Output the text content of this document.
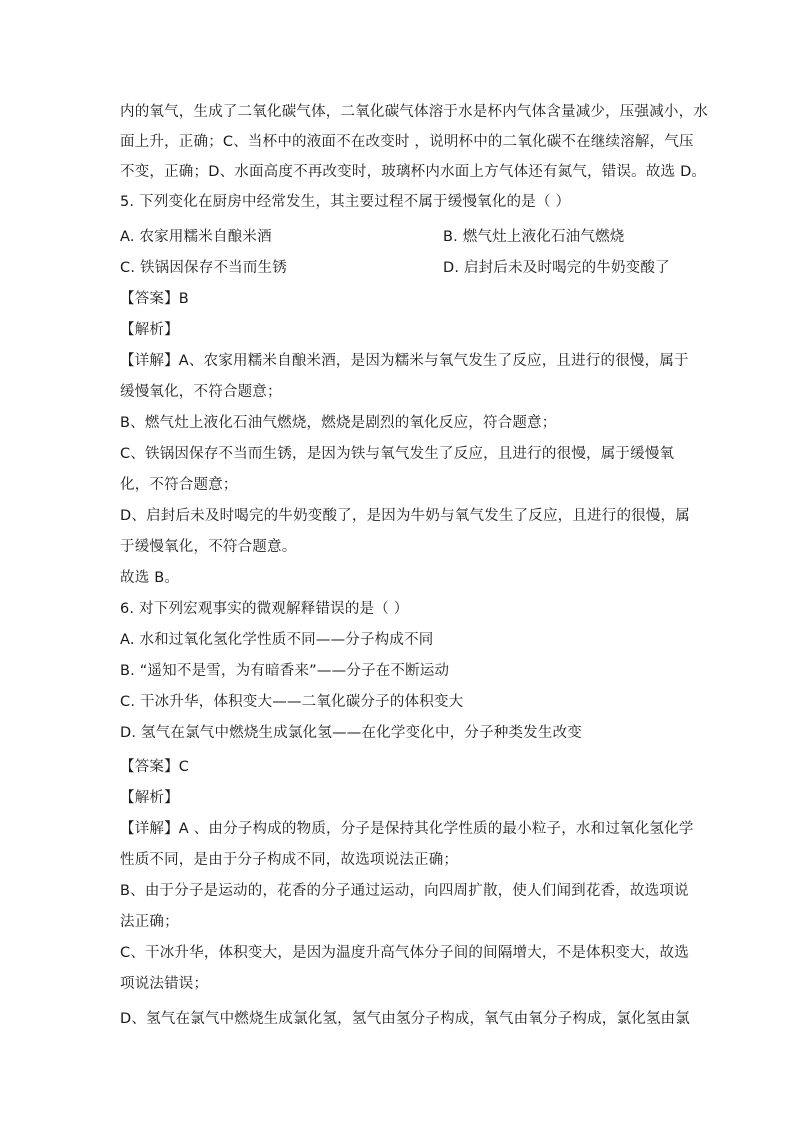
内的氧气，生成了二氧化碳气体，二氧化碳气体溶于水是杯内气体含量减少，压强减小，水
面上升，正确；C、当杯中的液面不在改变时 ，说明杯中的二氧化碳不在继续溶解，气压
不变，正确；D、水面高度不再改变时，玻璃杯内水面上方气体还有氮气，错误。故选 D。
5. 下列变化在厨房中经常发生，其主要过程不属于缓慢氧化的是（ ）
A. 农家用糯米自酿米酒	B. 燃气灶上液化石油气燃烧
C. 铁锅因保存不当而生锈	D. 启封后未及时喝完的牛奶变酸了
【答案】B
【解析】
【详解】A、农家用糯米自酿米酒，是因为糯米与氧气发生了反应，且进行的很慢，属于
缓慢氧化，不符合题意；
B、燃气灶上液化石油气燃烧，燃烧是剧烈的氧化反应，符合题意；
C、铁锅因保存不当而生锈，是因为铁与氧气发生了反应，且进行的很慢，属于缓慢氧
化，不符合题意；
D、启封后未及时喝完的牛奶变酸了，是因为牛奶与氧气发生了反应，且进行的很慢，属
于缓慢氧化，不符合题意。
故选 B。
6. 对下列宏观事实的微观解释错误的是（ ）
A. 水和过氧化氢化学性质不同——分子构成不同
B. “遥知不是雪，为有暗香来”——分子在不断运动
C. 干冰升华，体积变大——二氧化碳分子的体积变大
D. 氢气在氯气中燃烧生成氯化氢——在化学变化中，分子种类发生改变
【答案】C
【解析】
【详解】A 、由分子构成的物质，分子是保持其化学性质的最小粒子，水和过氧化氢化学
性质不同，是由于分子构成不同，故选项说法正确；
B、由于分子是运动的，花香的分子通过运动，向四周扩散，使人们闻到花香，故选项说
法正确；
C、干冰升华，体积变大，是因为温度升高气体分子间的间隔增大，不是体积变大，故选
项说法错误；
D、氢气在氯气中燃烧生成氯化氢，氢气由氢分子构成，氧气由氧分子构成，氯化氢由氯
